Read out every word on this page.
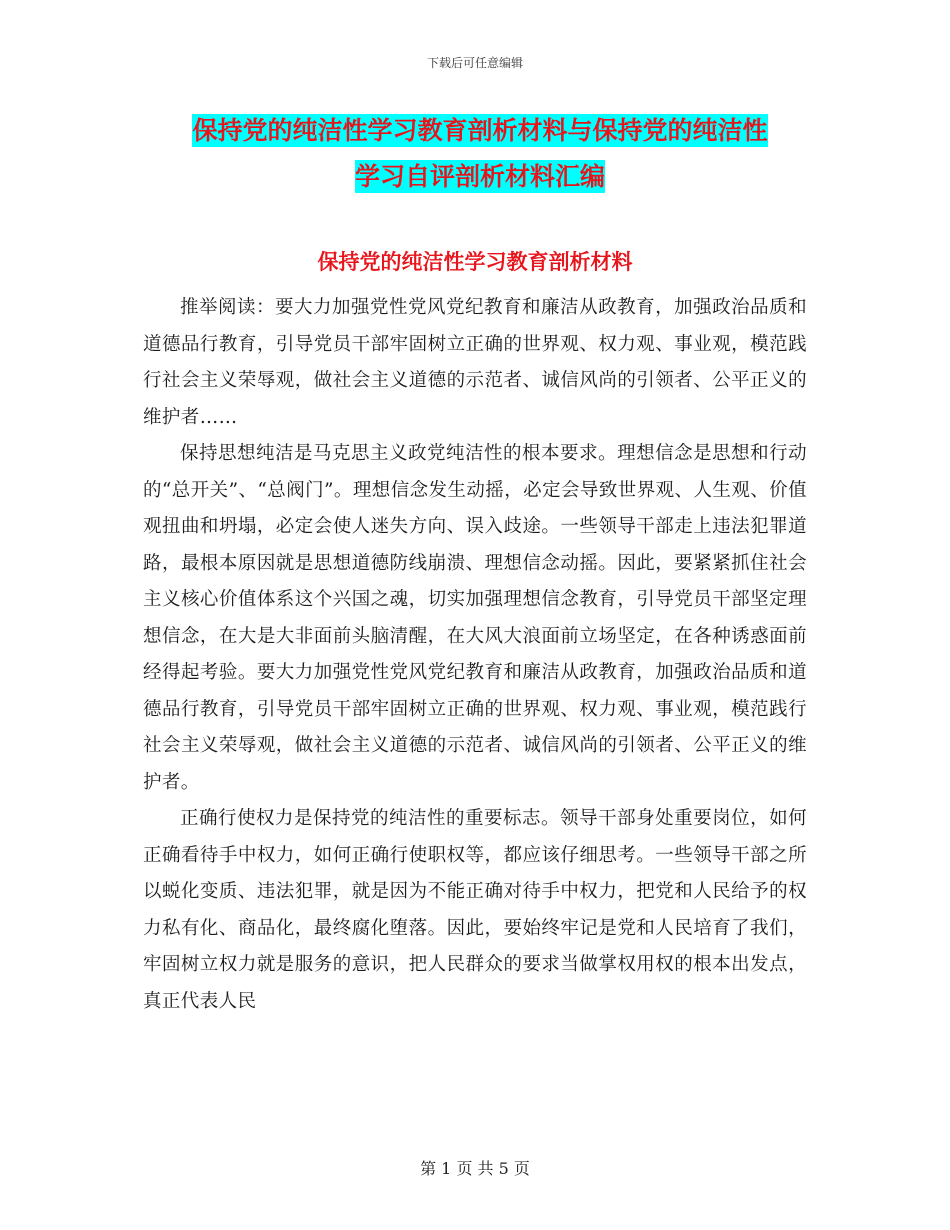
下载后可任意编辑
保持党的纯洁性学习教育剖析材料与保持党的纯洁性
学习自评剖析材料汇编
保持党的纯洁性学习教育剖析材料

推举阅读：要大力加强党性党风党纪教育和廉洁从政教育，加强政治品质和道德品行教育，引导党员干部牢固树立正确的世界观、权力观、事业观，模范践行社会主义荣辱观，做社会主义道德的示范者、诚信风尚的引领者、公平正义的维护者……

保持思想纯洁是马克思主义政党纯洁性的根本要求。理想信念是思想和行动的“总开关”、“总阀门”。理想信念发生动摇，必定会导致世界观、人生观、价值观扭曲和坍塌，必定会使人迷失方向、误入歧途。一些领导干部走上违法犯罪道路，最根本原因就是思想道德防线崩溃、理想信念动摇。因此，要紧紧抓住社会主义核心价值体系这个兴国之魂，切实加强理想信念教育，引导党员干部坚定理想信念，在大是大非面前头脑清醒，在大风大浪面前立场坚定，在各种诱惑面前经得起考验。要大力加强党性党风党纪教育和廉洁从政教育，加强政治品质和道德品行教育，引导党员干部牢固树立正确的世界观、权力观、事业观，模范践行社会主义荣辱观，做社会主义道德的示范者、诚信风尚的引领者、公平正义的维护者。

正确行使权力是保持党的纯洁性的重要标志。领导干部身处重要岗位，如何正确看待手中权力，如何正确行使职权等，都应该仔细思考。一些领导干部之所以蜕化变质、违法犯罪，就是因为不能正确对待手中权力，把党和人民给予的权力私有化、商品化，最终腐化堕落。因此，要始终牢记是党和人民培育了我们，牢固树立权力就是服务的意识，把人民群众的要求当做掌权用权的根本出发点，真正代表人民

第 1 页 共 5 页
